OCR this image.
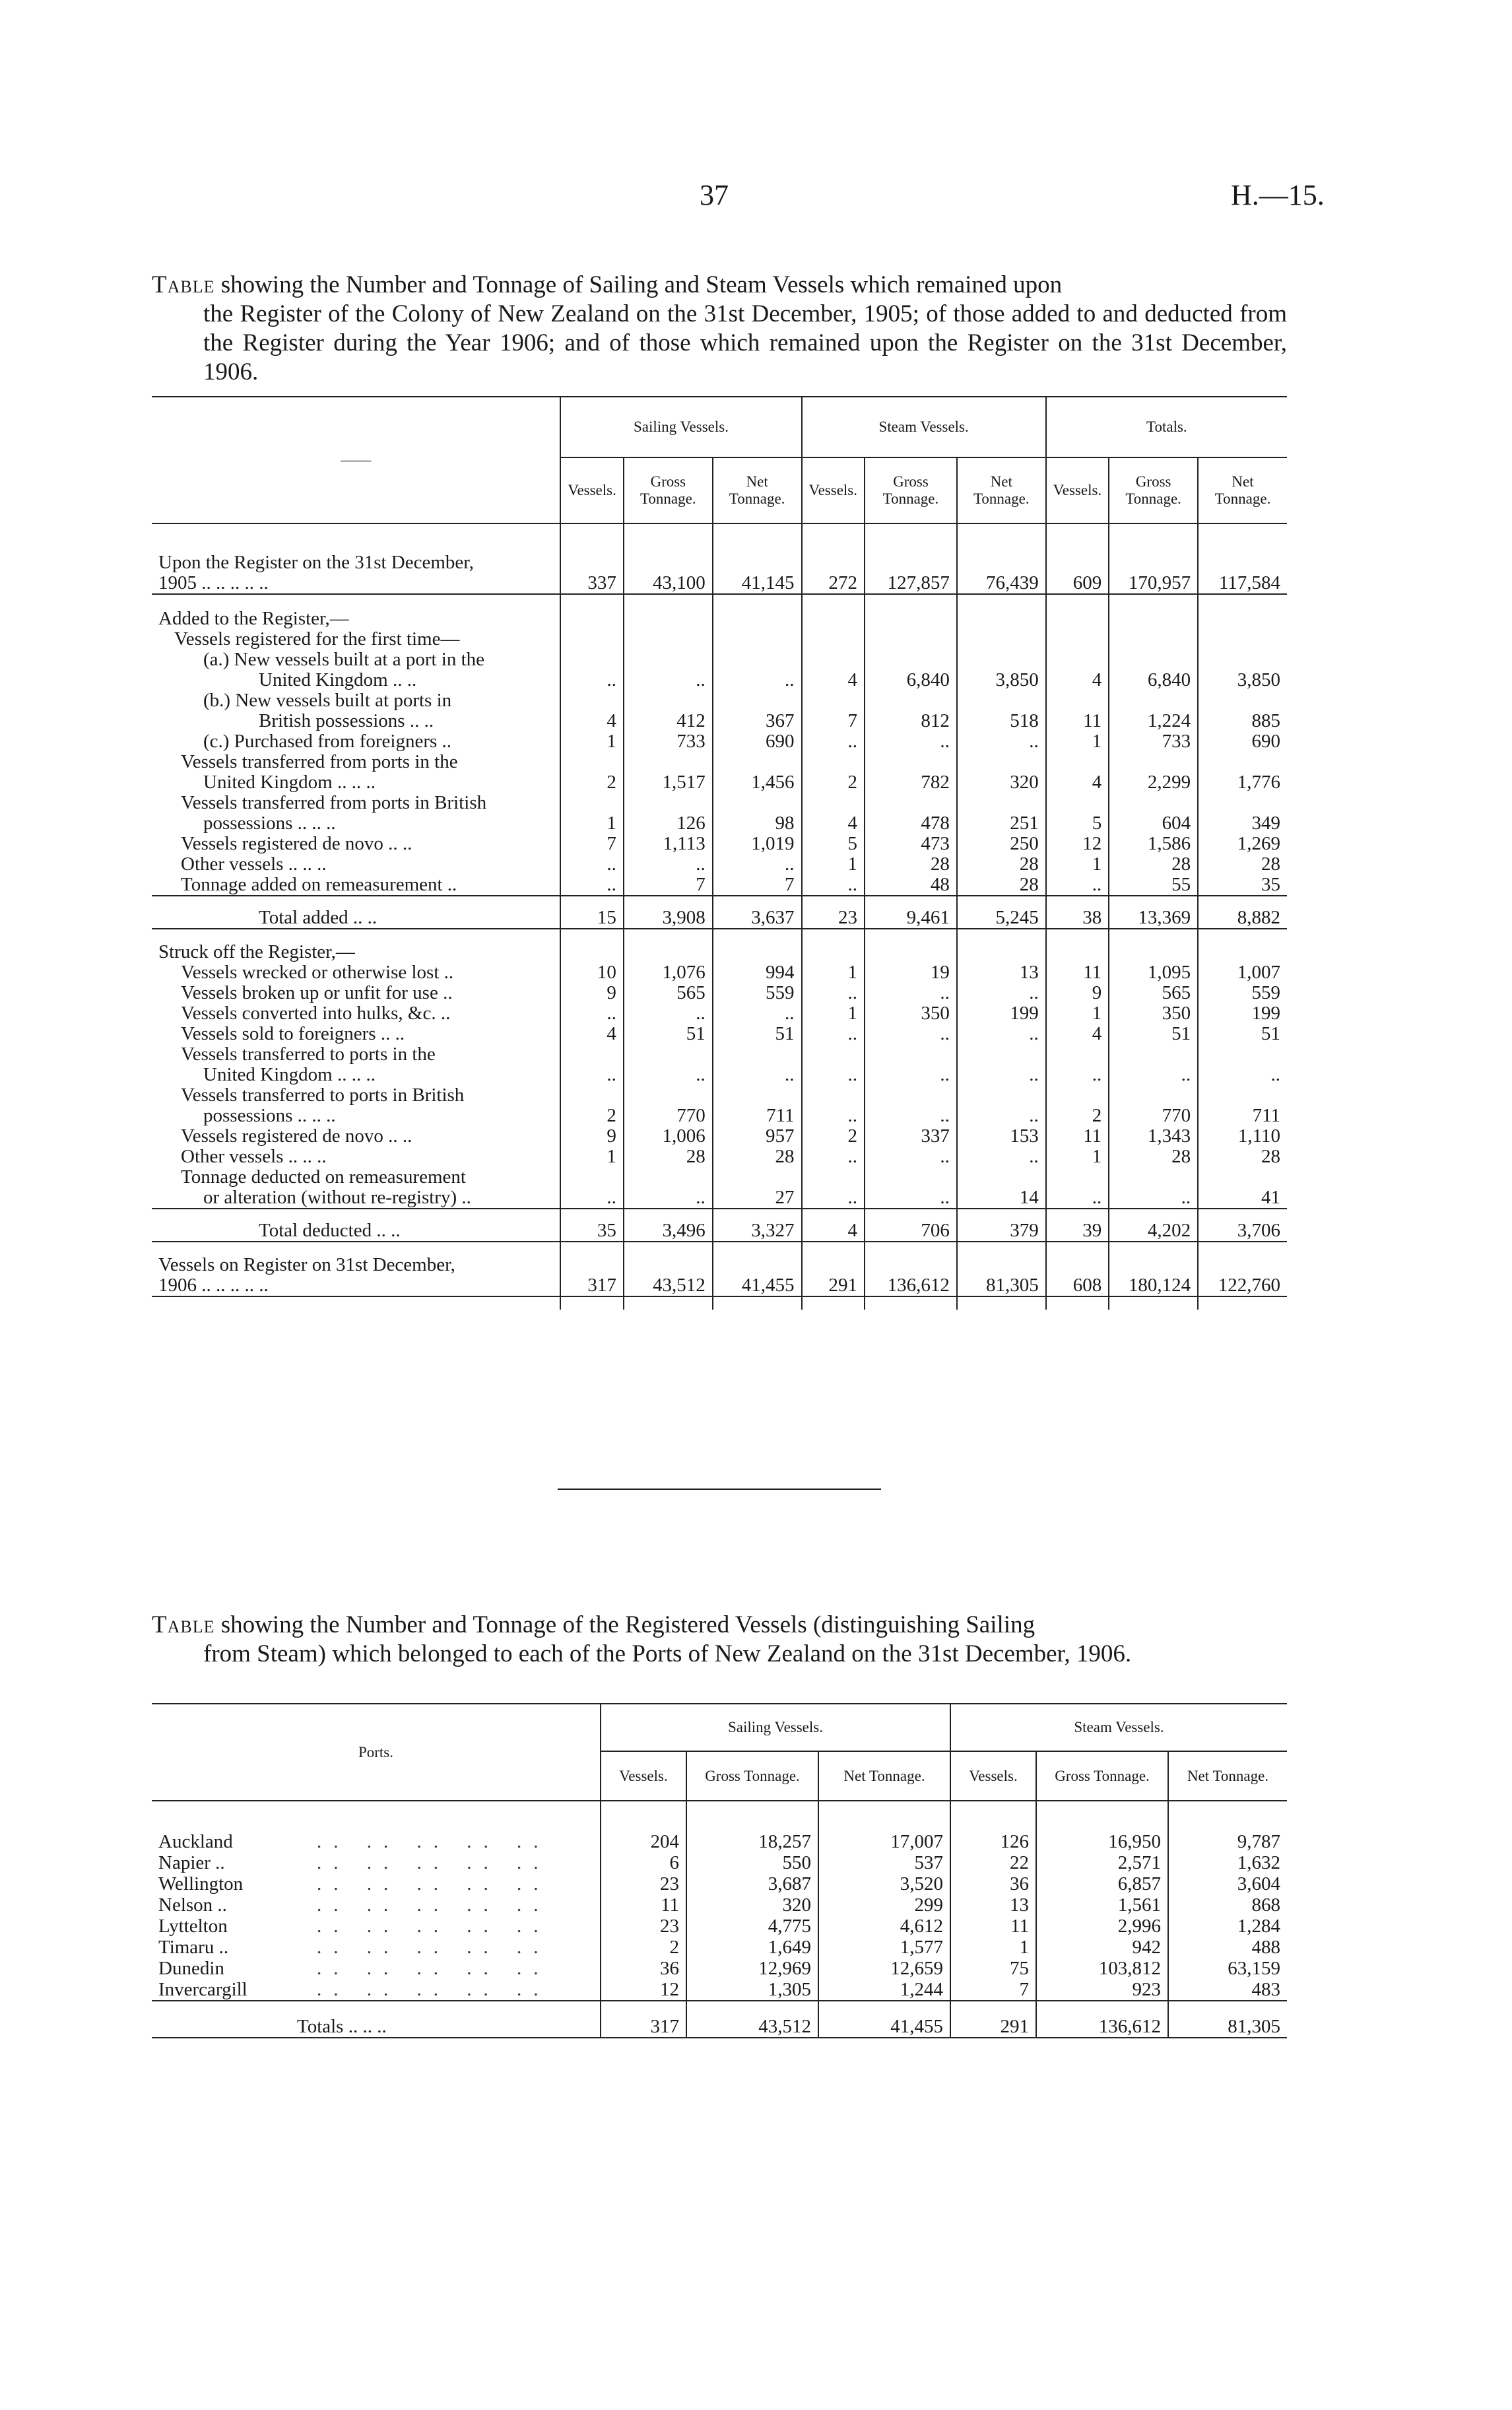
37	H.—15.
Table showing the Number and Tonnage of Sailing and Steam Vessels which remained upon
the Register of the Colony of New Zealand on the 31st December, 1905; of those added to and deducted from the Register during the Year 1906; and of those which remained upon the Register on the 31st December, 1906.
——	Sailing Vessels.			Steam Vessels.			Totals.		
	Vessels.	Gross Tonnage.	Net Tonnage.	Vessels.	Gross Tonnage.	Net Tonnage.	Vessels.	Gross Tonnage.	Net Tonnage.

Upon the Register on the 31st December,
1905 .. .. .. .. ..	337	43,100	41,145	272	127,857	76,439	609	170,957	117,584

Added to the Register,—									
Vessels registered for the first time—									

(a.) New vessels built at a port in the
United Kingdom .. ..	..	..	..	4	6,840	3,850	4	6,840	3,850

(b.) New vessels built at ports in
British possessions .. ..	4	412	367	7	812	518	11	1,224	885

(c.) Purchased from foreigners ..	1	733	690	..	..	..	1	733	690

Vessels transferred from ports in the
United Kingdom .. .. ..	2	1,517	1,456	2	782	320	4	2,299	1,776

Vessels transferred from ports in British
possessions .. .. ..	1	126	98	4	478	251	5	604	349

Vessels registered de novo .. ..	7	1,113	1,019	5	473	250	12	1,586	1,269

Other vessels .. .. ..	..	..	..	1	28	28	1	28	28

Tonnage added on remeasurement ..	..	7	7	..	48	28	..	55	35

Total added .. ..	15	3,908	3,637	23	9,461	5,245	38	13,369	8,882

Struck off the Register,—									

Vessels wrecked or otherwise lost ..	10	1,076	994	1	19	13	11	1,095	1,007

Vessels broken up or unfit for use ..	9	565	559	..	..	..	9	565	559

Vessels converted into hulks, &c. ..	..	..	..	1	350	199	1	350	199

Vessels sold to foreigners .. ..	4	51	51	..	..	..	4	51	51

Vessels transferred to ports in the
United Kingdom .. .. ..	..	..	..	..	..	..	..	..	..

Vessels transferred to ports in British
possessions .. .. ..	2	770	711	..	..	..	2	770	711

Vessels registered de novo .. ..	9	1,006	957	2	337	153	11	1,343	1,110

Other vessels .. .. ..	1	28	28	..	..	..	1	28	28

Tonnage deducted on remeasurement
or alteration (without re-registry) ..	..	..	27	..	..	14	..	..	41

Total deducted .. ..	35	3,496	3,327	4	706	379	39	4,202	3,706

Vessels on Register on 31st December,
1906 .. .. .. .. ..	317	43,512	41,455	291	136,612	81,305	608	180,124	122,760

Table showing the Number and Tonnage of the Registered Vessels (distinguishing Sailing
from Steam) which belonged to each of the Ports of New Zealand on the 31st December, 1906.
Ports.	Sailing Vessels.			Steam Vessels.		
	Vessels.	Gross Tonnage.	Net Tonnage.	Vessels.	Gross Tonnage.	Net Tonnage.

Auckland .. .. .. .. ..	204	18,257	17,007	126	16,950	9,787
Napier .. .. .. .. .. ..	6	550	537	22	2,571	1,632
Wellington .. .. .. .. ..	23	3,687	3,520	36	6,857	3,604
Nelson .. .. .. .. .. ..	11	320	299	13	1,561	868
Lyttelton .. .. .. .. ..	23	4,775	4,612	11	2,996	1,284
Timaru .. .. .. .. .. ..	2	1,649	1,577	1	942	488
Dunedin .. .. .. .. ..	36	12,969	12,659	75	103,812	63,159
Invercargill .. .. .. .. ..	12	1,305	1,244	7	923	483
Totals .. .. ..	317	43,512	41,455	291	136,612	81,305
